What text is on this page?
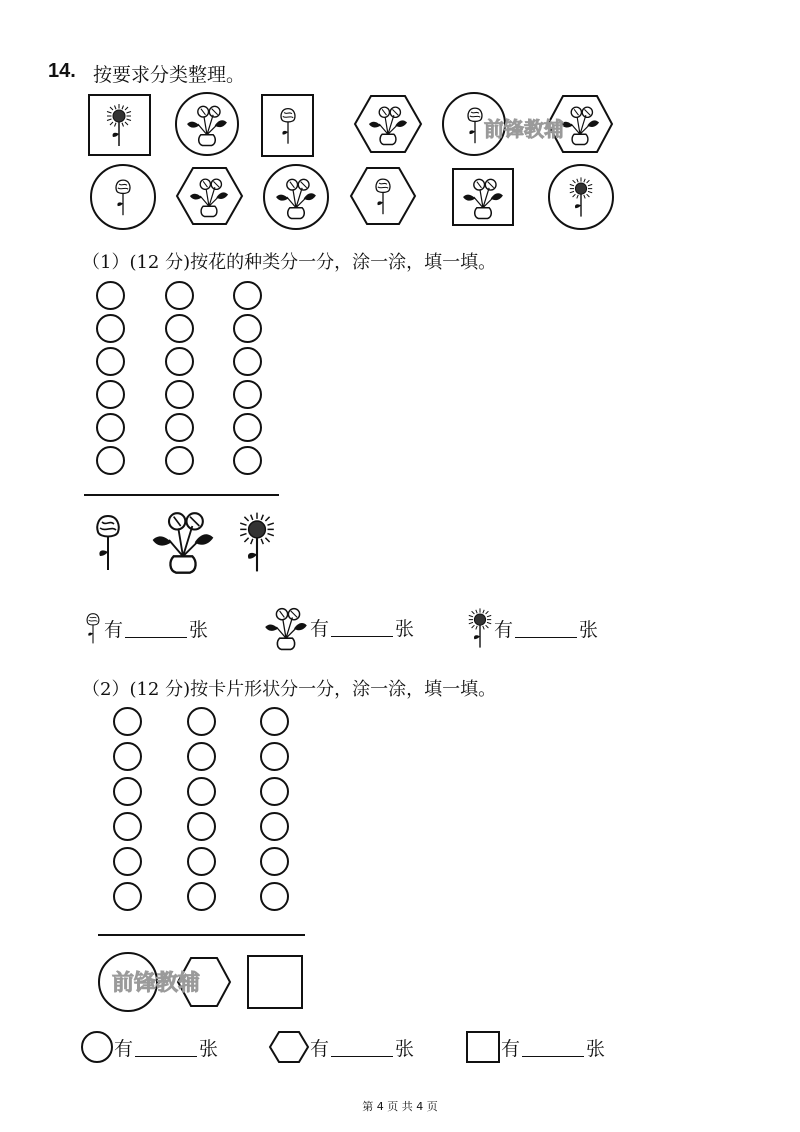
14. 按要求分类整理。
前锋教辅
（1）(12 分)按花的种类分一分，涂一涂，填一填。
有	张	有	张	有	张
（2）(12 分)按卡片形状分一分，涂一涂，填一填。
前锋教辅
有	张	有	张	有	张
第 4 页 共 4 页
